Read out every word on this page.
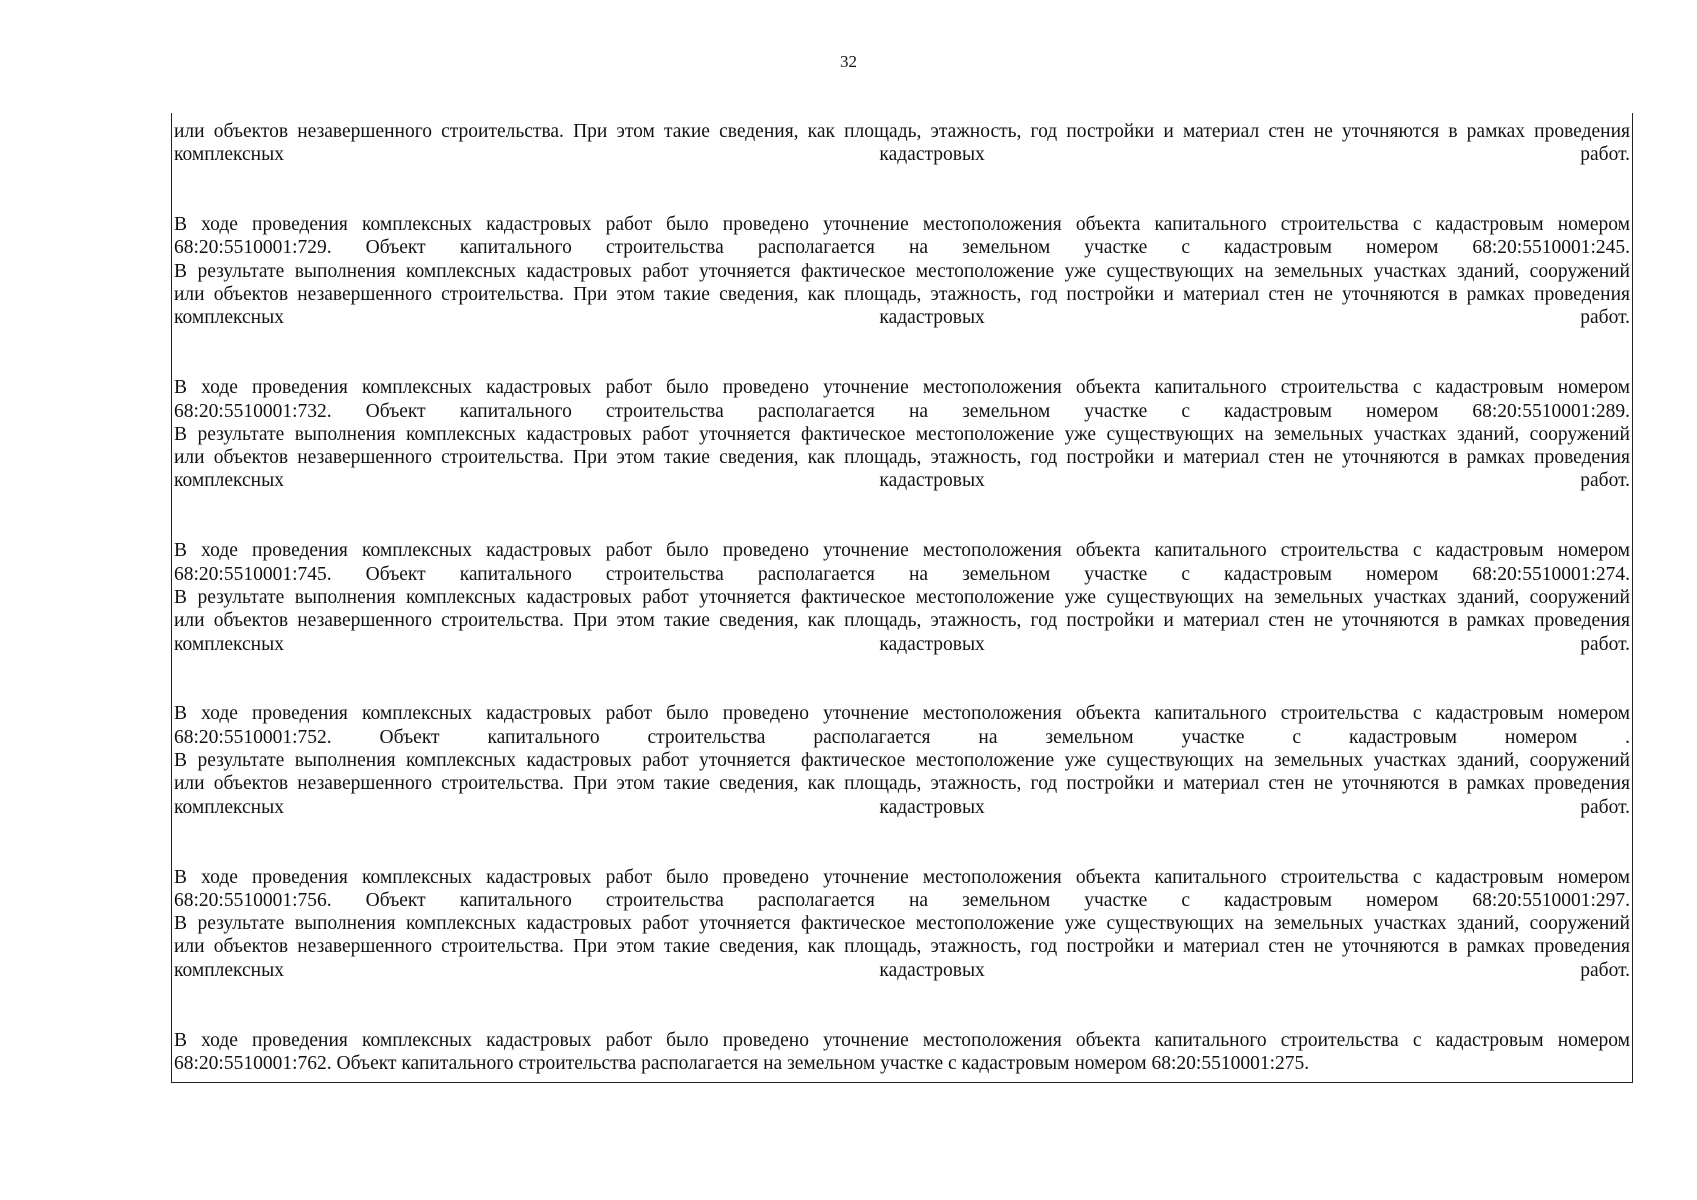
32
или объектов незавершенного строительства. При этом такие сведения, как площадь, этажность, год постройки и материал стен не уточняются в рамках проведения
комплексных кадастровых работ.
В ходе проведения комплексных кадастровых работ было проведено уточнение местоположения объекта капитального строительства с кадастровым номером
68:20:5510001:729. Объект капитального строительства располагается на земельном участке с кадастровым номером 68:20:5510001:245.
В результате выполнения комплексных кадастровых работ уточняется фактическое местоположение уже существующих на земельных участках зданий, сооружений
или объектов незавершенного строительства. При этом такие сведения, как площадь, этажность, год постройки и материал стен не уточняются в рамках проведения
комплексных кадастровых работ.
В ходе проведения комплексных кадастровых работ было проведено уточнение местоположения объекта капитального строительства с кадастровым номером
68:20:5510001:732. Объект капитального строительства располагается на земельном участке с кадастровым номером 68:20:5510001:289.
В результате выполнения комплексных кадастровых работ уточняется фактическое местоположение уже существующих на земельных участках зданий, сооружений
или объектов незавершенного строительства. При этом такие сведения, как площадь, этажность, год постройки и материал стен не уточняются в рамках проведения
комплексных кадастровых работ.
В ходе проведения комплексных кадастровых работ было проведено уточнение местоположения объекта капитального строительства с кадастровым номером
68:20:5510001:745. Объект капитального строительства располагается на земельном участке с кадастровым номером 68:20:5510001:274.
В результате выполнения комплексных кадастровых работ уточняется фактическое местоположение уже существующих на земельных участках зданий, сооружений
или объектов незавершенного строительства. При этом такие сведения, как площадь, этажность, год постройки и материал стен не уточняются в рамках проведения
комплексных кадастровых работ.
В ходе проведения комплексных кадастровых работ было проведено уточнение местоположения объекта капитального строительства с кадастровым номером
68:20:5510001:752. Объект капитального строительства располагается на земельном участке с кадастровым номером .
В результате выполнения комплексных кадастровых работ уточняется фактическое местоположение уже существующих на земельных участках зданий, сооружений
или объектов незавершенного строительства. При этом такие сведения, как площадь, этажность, год постройки и материал стен не уточняются в рамках проведения
комплексных кадастровых работ.
В ходе проведения комплексных кадастровых работ было проведено уточнение местоположения объекта капитального строительства с кадастровым номером
68:20:5510001:756. Объект капитального строительства располагается на земельном участке с кадастровым номером 68:20:5510001:297.
В результате выполнения комплексных кадастровых работ уточняется фактическое местоположение уже существующих на земельных участках зданий, сооружений
или объектов незавершенного строительства. При этом такие сведения, как площадь, этажность, год постройки и материал стен не уточняются в рамках проведения
комплексных кадастровых работ.
В ходе проведения комплексных кадастровых работ было проведено уточнение местоположения объекта капитального строительства с кадастровым номером
68:20:5510001:762. Объект капитального строительства располагается на земельном участке с кадастровым номером 68:20:5510001:275.
